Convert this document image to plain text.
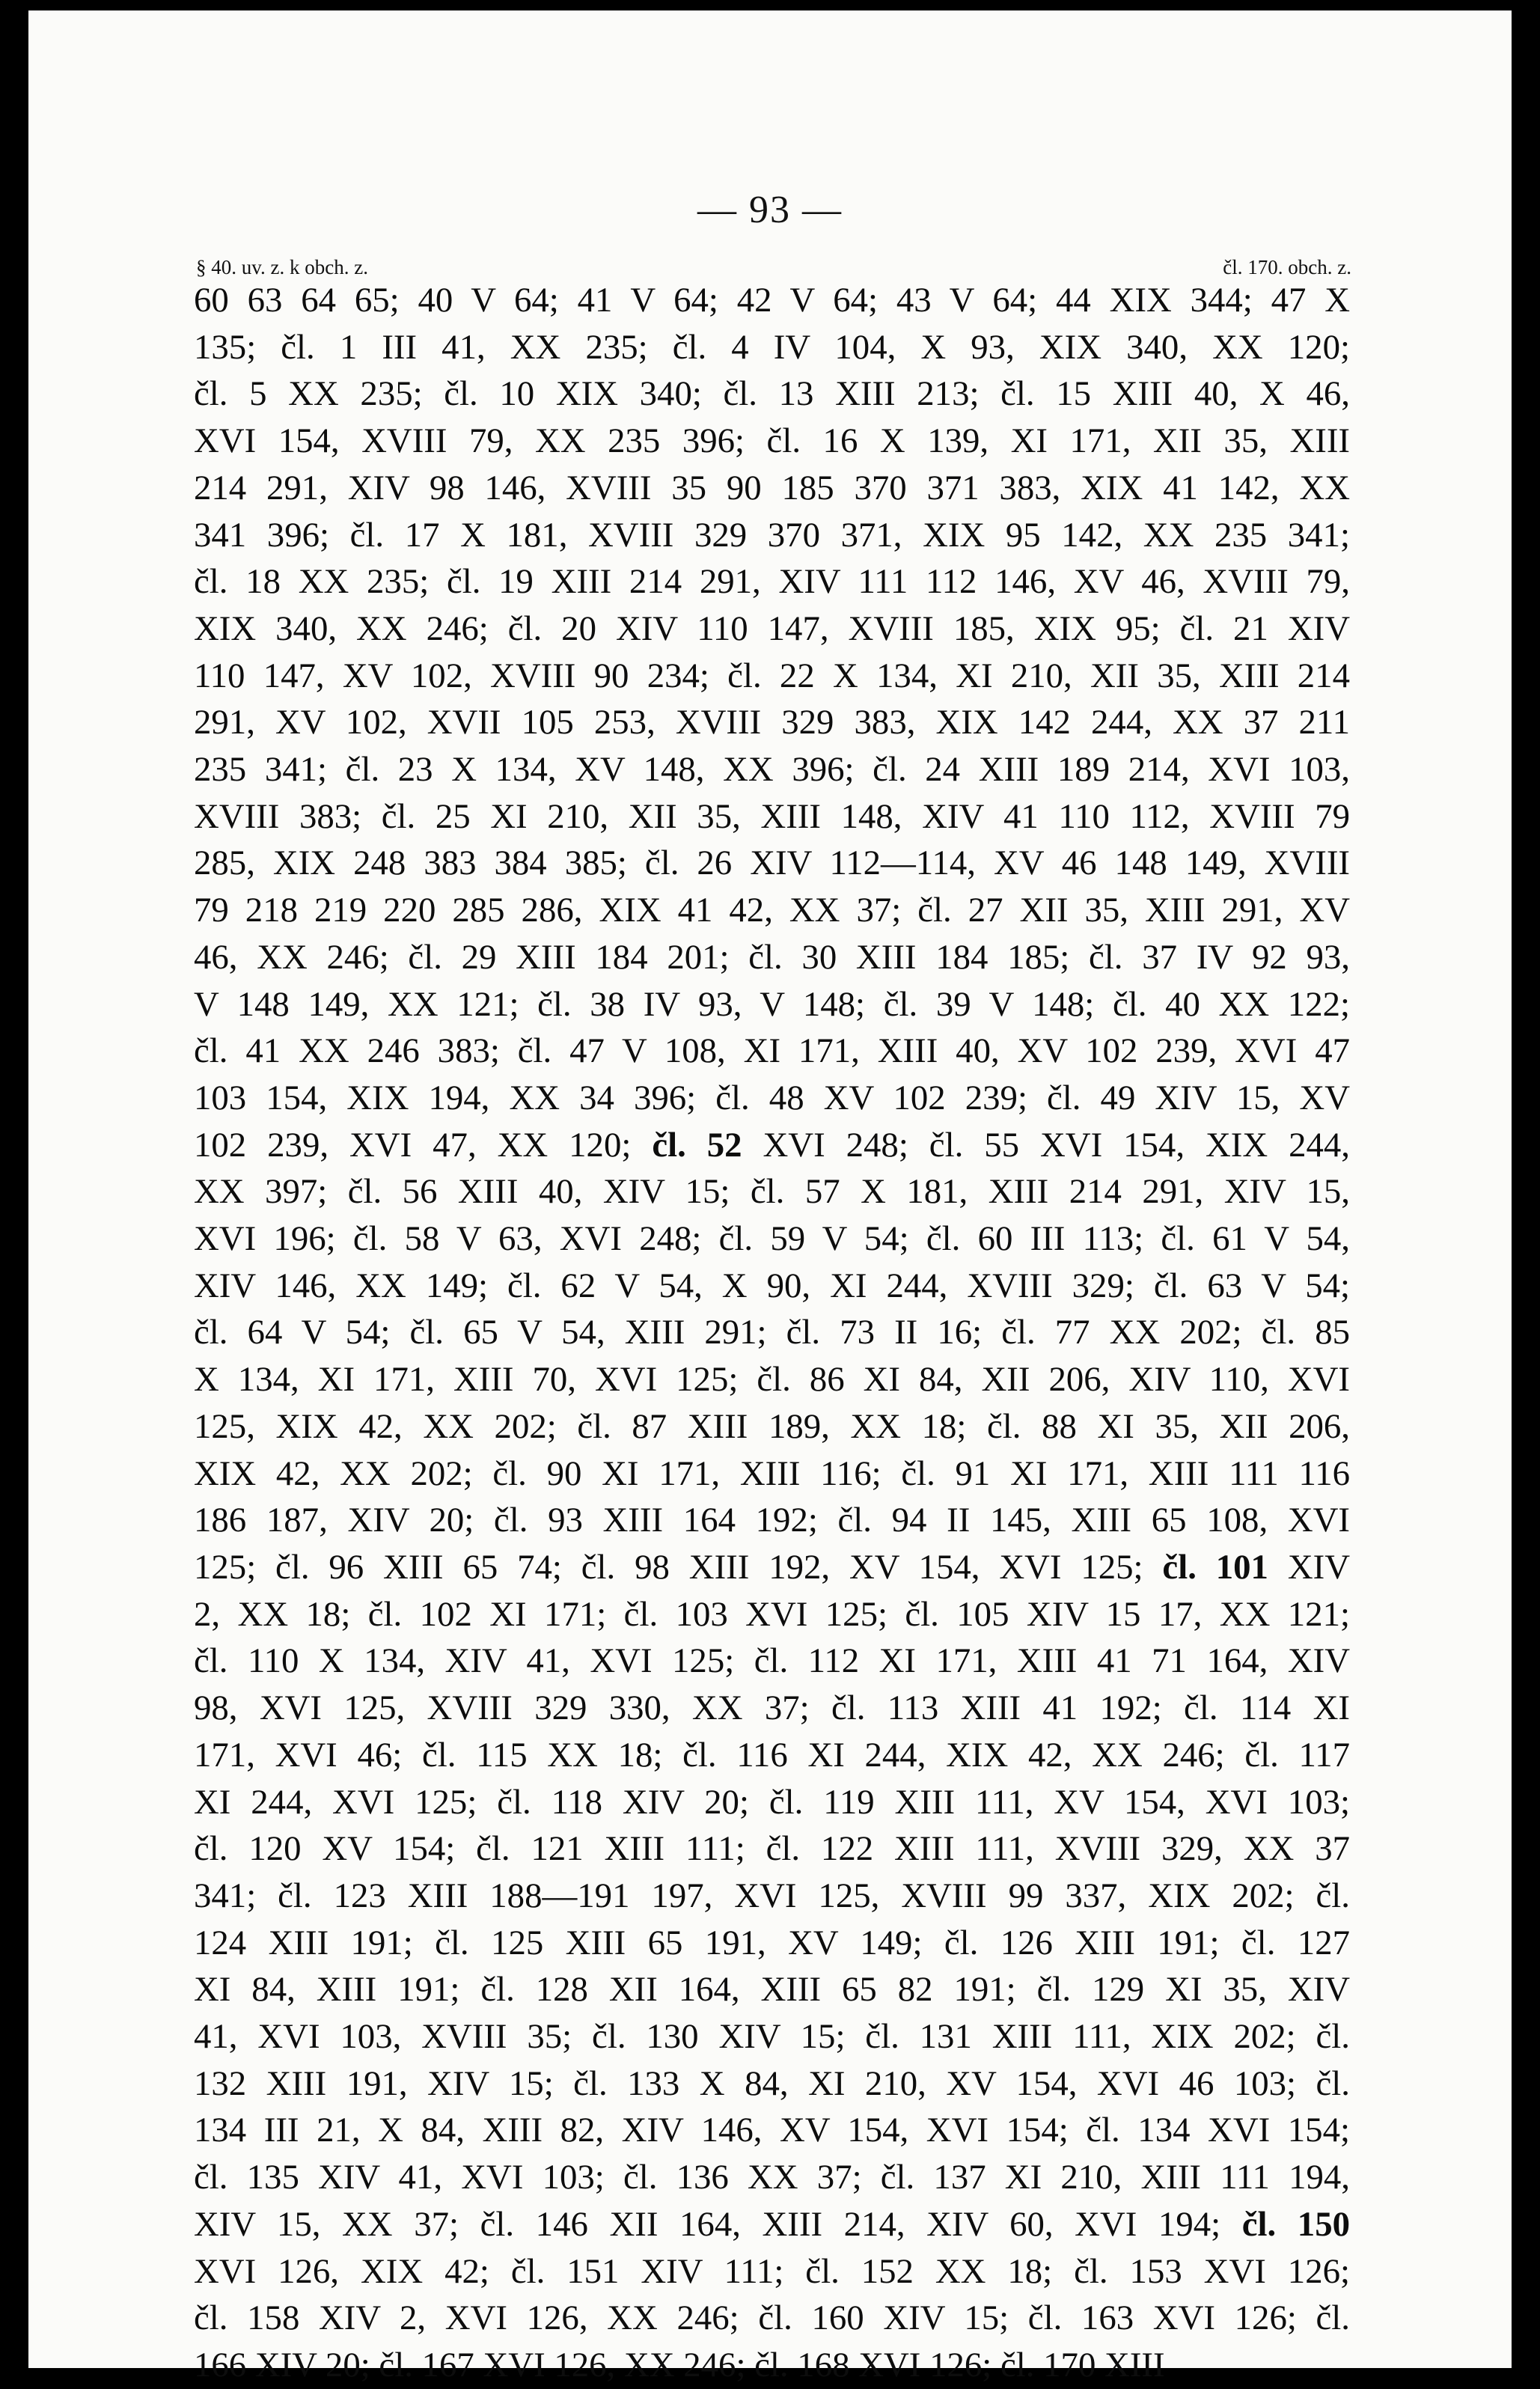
— 93 —
§ 40. uv. z. k obch. z.	čl. 170. obch. z.
60 63 64 65; 40 V 64; 41 V 64; 42 V 64; 43 V 64; 44 XIX 344; 47 X
135; čl. 1 III 41, XX 235; čl. 4 IV 104, X 93, XIX 340, XX 120;
čl. 5 XX 235; čl. 10 XIX 340; čl. 13 XIII 213; čl. 15 XIII 40, X 46,
XVI 154, XVIII 79, XX 235 396; čl. 16 X 139, XI 171, XII 35, XIII
214 291, XIV 98 146, XVIII 35 90 185 370 371 383, XIX 41 142, XX
341 396; čl. 17 X 181, XVIII 329 370 371, XIX 95 142, XX 235 341;
čl. 18 XX 235; čl. 19 XIII 214 291, XIV 111 112 146, XV 46, XVIII 79,
XIX 340, XX 246; čl. 20 XIV 110 147, XVIII 185, XIX 95; čl. 21 XIV
110 147, XV 102, XVIII 90 234; čl. 22 X 134, XI 210, XII 35, XIII 214
291, XV 102, XVII 105 253, XVIII 329 383, XIX 142 244, XX 37 211
235 341; čl. 23 X 134, XV 148, XX 396; čl. 24 XIII 189 214, XVI 103,
XVIII 383; čl. 25 XI 210, XII 35, XIII 148, XIV 41 110 112, XVIII 79
285, XIX 248 383 384 385; čl. 26 XIV 112—114, XV 46 148 149, XVIII
79 218 219 220 285 286, XIX 41 42, XX 37; čl. 27 XII 35, XIII 291, XV
46, XX 246; čl. 29 XIII 184 201; čl. 30 XIII 184 185; čl. 37 IV 92 93,
V 148 149, XX 121; čl. 38 IV 93, V 148; čl. 39 V 148; čl. 40 XX 122;
čl. 41 XX 246 383; čl. 47 V 108, XI 171, XIII 40, XV 102 239, XVI 47
103 154, XIX 194, XX 34 396; čl. 48 XV 102 239; čl. 49 XIV 15, XV
102 239, XVI 47, XX 120; čl. 52 XVI 248; čl. 55 XVI 154, XIX 244,
XX 397; čl. 56 XIII 40, XIV 15; čl. 57 X 181, XIII 214 291, XIV 15,
XVI 196; čl. 58 V 63, XVI 248; čl. 59 V 54; čl. 60 III 113; čl. 61 V 54,
XIV 146, XX 149; čl. 62 V 54, X 90, XI 244, XVIII 329; čl. 63 V 54;
čl. 64 V 54; čl. 65 V 54, XIII 291; čl. 73 II 16; čl. 77 XX 202; čl. 85
X 134, XI 171, XIII 70, XVI 125; čl. 86 XI 84, XII 206, XIV 110, XVI
125, XIX 42, XX 202; čl. 87 XIII 189, XX 18; čl. 88 XI 35, XII 206,
XIX 42, XX 202; čl. 90 XI 171, XIII 116; čl. 91 XI 171, XIII 111 116
186 187, XIV 20; čl. 93 XIII 164 192; čl. 94 II 145, XIII 65 108, XVI
125; čl. 96 XIII 65 74; čl. 98 XIII 192, XV 154, XVI 125; čl. 101 XIV
2, XX 18; čl. 102 XI 171; čl. 103 XVI 125; čl. 105 XIV 15 17, XX 121;
čl. 110 X 134, XIV 41, XVI 125; čl. 112 XI 171, XIII 41 71 164, XIV
98, XVI 125, XVIII 329 330, XX 37; čl. 113 XIII 41 192; čl. 114 XI
171, XVI 46; čl. 115 XX 18; čl. 116 XI 244, XIX 42, XX 246; čl. 117
XI 244, XVI 125; čl. 118 XIV 20; čl. 119 XIII 111, XV 154, XVI 103;
čl. 120 XV 154; čl. 121 XIII 111; čl. 122 XIII 111, XVIII 329, XX 37
341; čl. 123 XIII 188—191 197, XVI 125, XVIII 99 337, XIX 202; čl.
124 XIII 191; čl. 125 XIII 65 191, XV 149; čl. 126 XIII 191; čl. 127
XI 84, XIII 191; čl. 128 XII 164, XIII 65 82 191; čl. 129 XI 35, XIV
41, XVI 103, XVIII 35; čl. 130 XIV 15; čl. 131 XIII 111, XIX 202; čl.
132 XIII 191, XIV 15; čl. 133 X 84, XI 210, XV 154, XVI 46 103; čl.
134 III 21, X 84, XIII 82, XIV 146, XV 154, XVI 154; čl. 134 XVI 154;
čl. 135 XIV 41, XVI 103; čl. 136 XX 37; čl. 137 XI 210, XIII 111 194,
XIV 15, XX 37; čl. 146 XII 164, XIII 214, XIV 60, XVI 194; čl. 150
XVI 126, XIX 42; čl. 151 XIV 111; čl. 152 XX 18; čl. 153 XVI 126;
čl. 158 XIV 2, XVI 126, XX 246; čl. 160 XIV 15; čl. 163 XVI 126; čl.
166 XIV 20; čl. 167 XVI 126, XX 246; čl. 168 XVI 126; čl. 170 XIII
